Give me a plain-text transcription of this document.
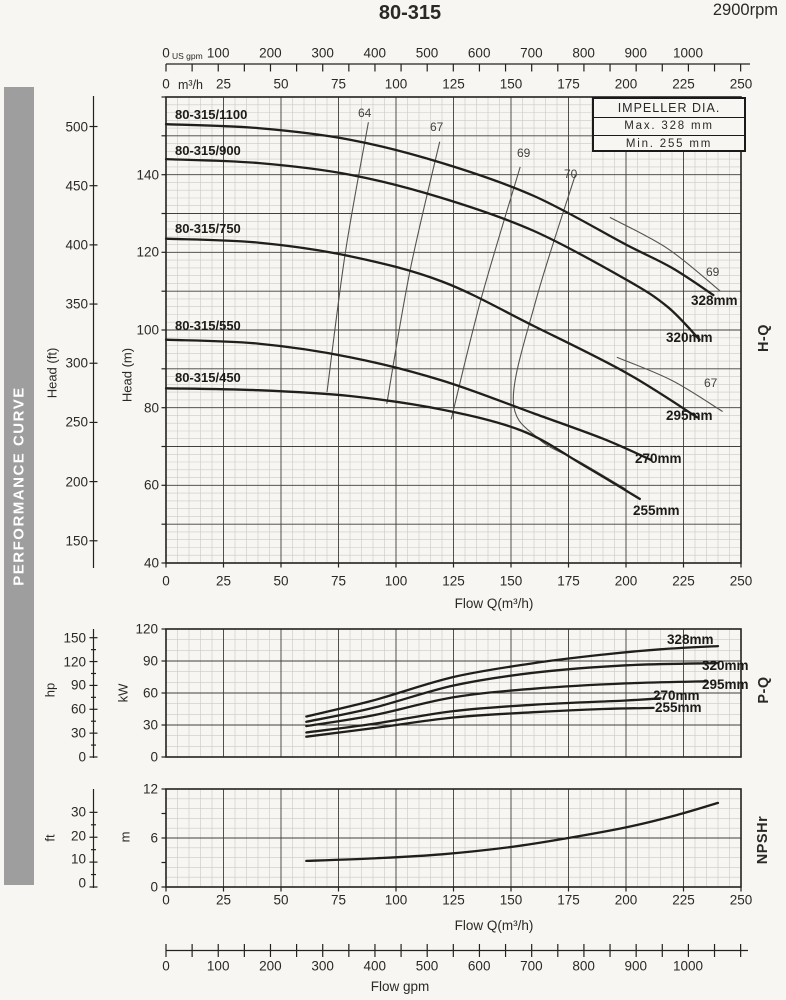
PERFORMANCE CURVE
80-315	2900rpm
0	100 200 300 400 500 600 700 800 900 1000
US gpm
0	25	50	75	100	125	150	175	200	225	250
m³/h
IMPELLER DIA.
Max. 328 mm
Min. 255 mm
500
450
400
350
300
250
200
150
140
120
100
80
60
40
Head (ft)	Head (m)
80-315/1100
80-315/900
80-315/750
80-315/550
80-315/450
64
67
69
70
69
67
328mm
320mm
295mm
270mm
255mm
H-Q
0	25	50	75	100	125	150	175	200	225	250
Flow Q(m³/h)
150
120
90
60
30
0
120
90
60
30
0
hp	kW
328mm
320mm
295mm
270mm
255mm
P-Q
30
20
10
0
12
6
0
ft	m	NPSHr
0	25	50	75	100	125	150	175	200	225	250
Flow Q(m³/h)
0	100 200 300 400 500 600 700 800 900 1000
Flow gpm
